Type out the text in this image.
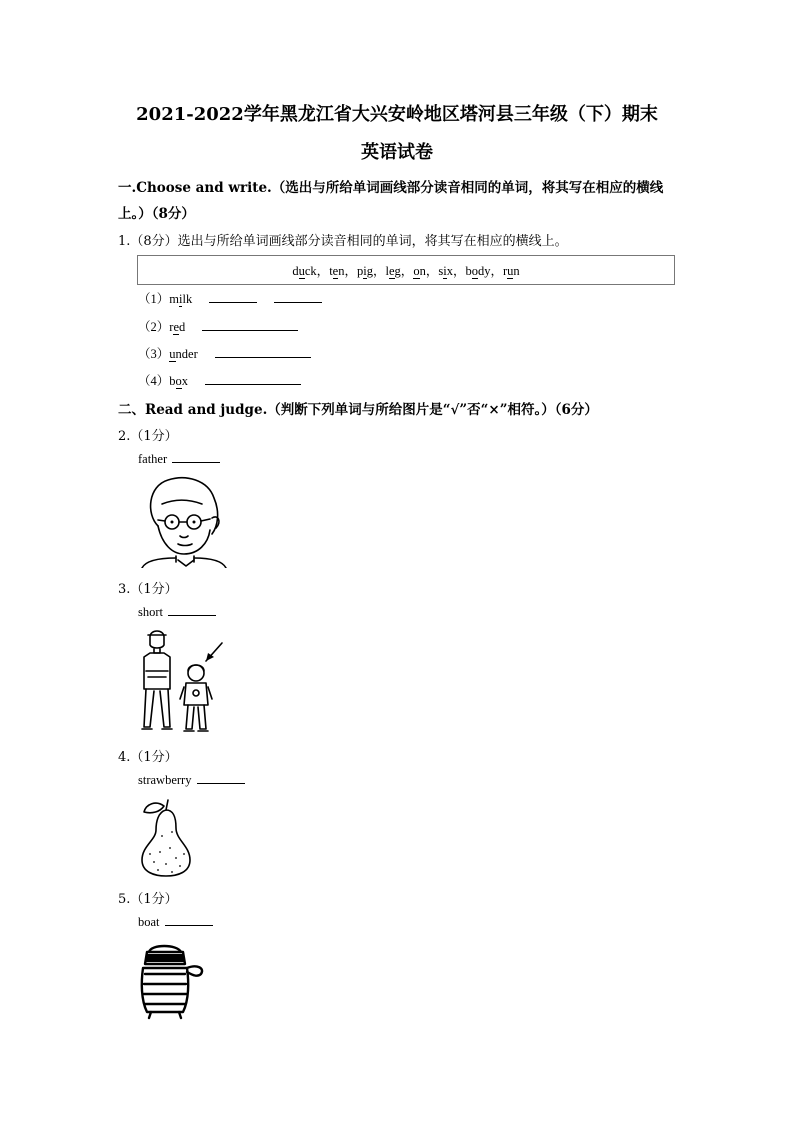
2021-2022学年黑龙江省大兴安岭地区塔河县三年级（下）期末
英语试卷
一.Choose and write.（选出与所给单词画线部分读音相同的单词，将其写在相应的横线
上。）（8分）
1.（8分）选出与所给单词画线部分读音相同的单词，将其写在相应的横线上。
duck，ten，pig，leg，on，six，body，run
（1）milk
（2）red
（3）under
（4）box
二、Read and judge.（判断下列单词与所给图片是“√”否“×”相符。）（6分）
2.（1分）
father
3.（1分）
short
4.（1分）
strawberry
5.（1分）
boat
